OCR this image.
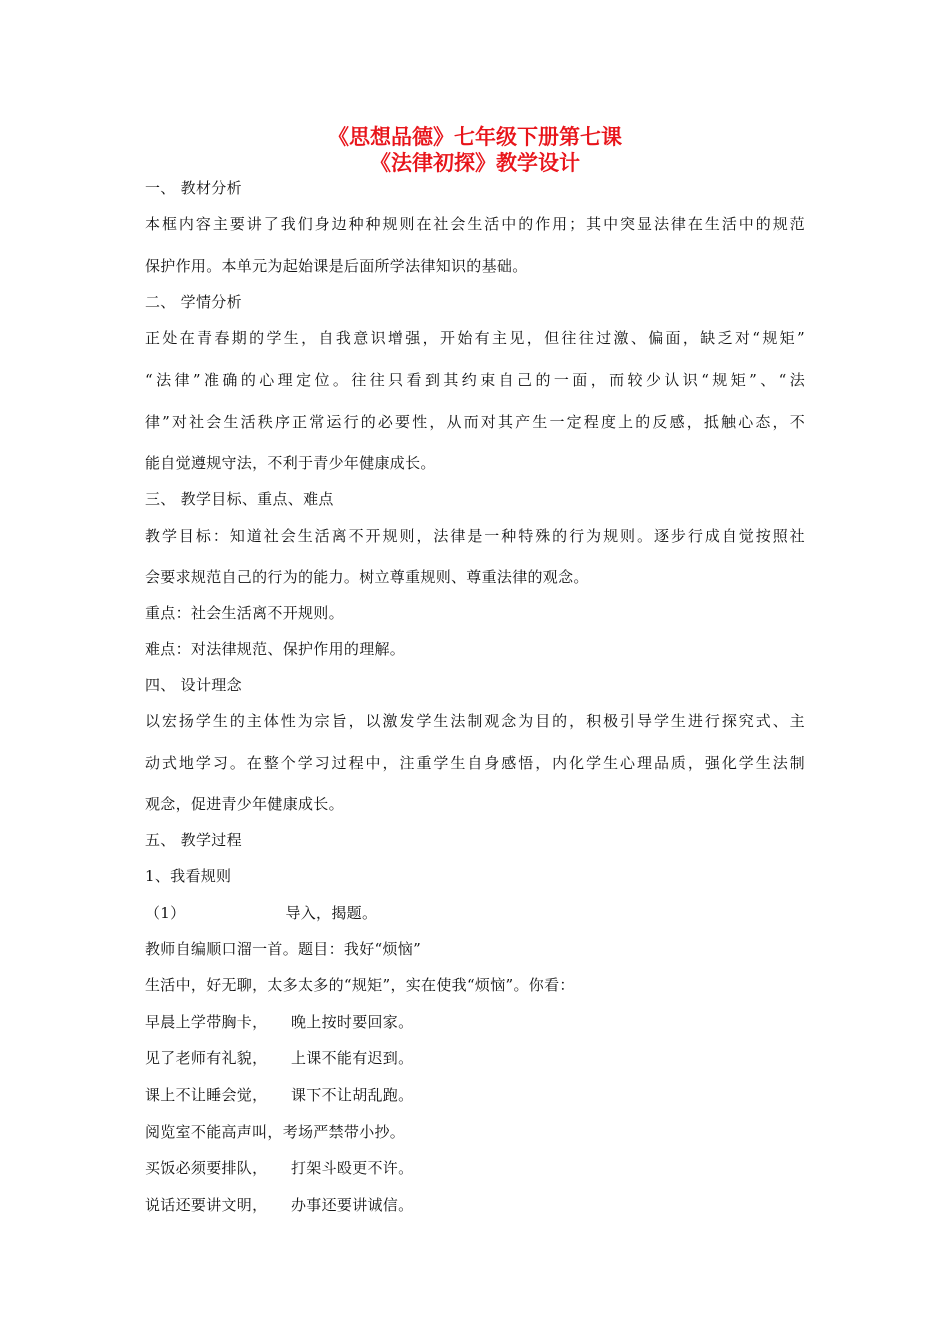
《思想品德》七年级下册第七课
《法律初探》教学设计
一、 教材分析
本框内容主要讲了我们身边种种规则在社会生活中的作用；其中突显法律在生活中的规范
保护作用。本单元为起始课是后面所学法律知识的基础。
二、 学情分析
正处在青春期的学生，自我意识增强，开始有主见，但往往过激、偏面，缺乏对“规矩”
“法律”准确的心理定位。往往只看到其约束自己的一面，而较少认识“规矩”、“法
律”对社会生活秩序正常运行的必要性，从而对其产生一定程度上的反感，抵触心态，不
能自觉遵规守法，不利于青少年健康成长。
三、 教学目标、重点、难点
教学目标：知道社会生活离不开规则，法律是一种特殊的行为规则。逐步行成自觉按照社
会要求规范自己的行为的能力。树立尊重规则、尊重法律的观念。
重点：社会生活离不开规则。
难点：对法律规范、保护作用的理解。
四、 设计理念
以宏扬学生的主体性为宗旨，以激发学生法制观念为目的，积极引导学生进行探究式、主
动式地学习。在整个学习过程中，注重学生自身感悟，内化学生心理品质，强化学生法制
观念，促进青少年健康成长。
五、 教学过程
1、我看规则
（1）	导入，揭题。
教师自编顺口溜一首。题目：我好“烦恼”
生活中，好无聊，太多太多的“规矩”，实在使我“烦恼”。你看：
早晨上学带胸卡， 晚上按时要回家。
见了老师有礼貌， 上课不能有迟到。
课上不让睡会觉， 课下不让胡乱跑。
阅览室不能高声叫，考场严禁带小抄。
买饭必须要排队， 打架斗殴更不许。
说话还要讲文明， 办事还要讲诚信。
